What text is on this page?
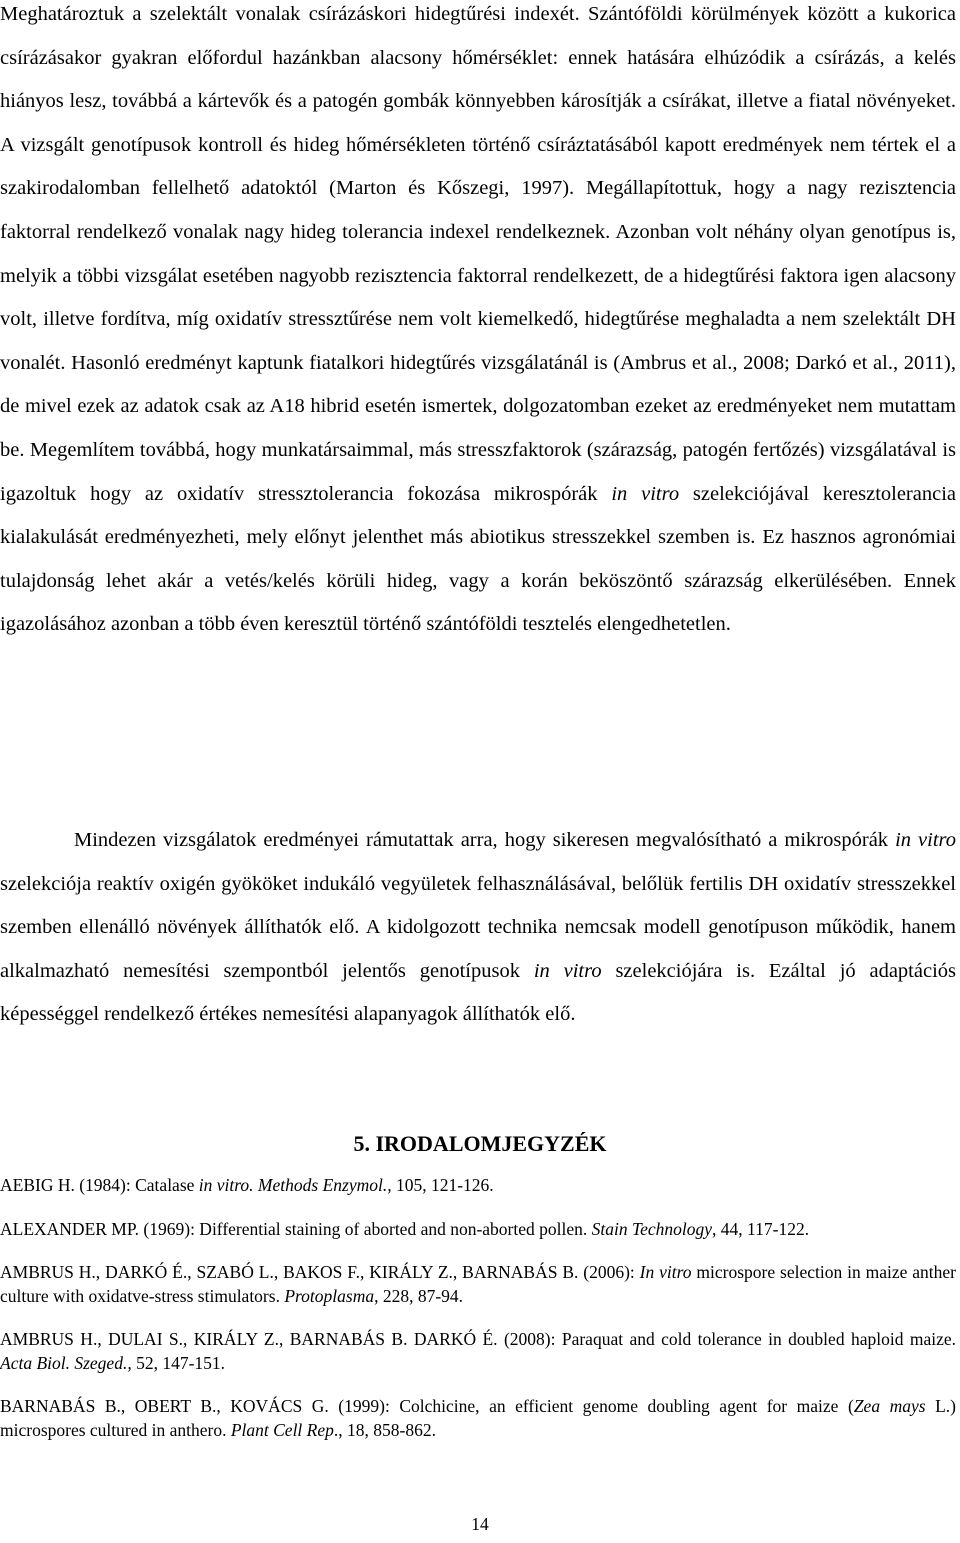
Meghatároztuk a szelektált vonalak csírázáskori hidegtűrési indexét. Szántóföldi körülmények között a kukorica csírázásakor gyakran előfordul hazánkban alacsony hőmérséklet: ennek hatására elhúzódik a csírázás, a kelés hiányos lesz, továbbá a kártevők és a patogén gombák könnyebben károsítják a csírákat, illetve a fiatal növényeket. A vizsgált genotípusok kontroll és hideg hőmérsékleten történő csíráztatásából kapott eredmények nem tértek el a szakirodalomban fellelhető adatoktól (Marton és Kőszegi, 1997). Megállapítottuk, hogy a nagy rezisztencia faktorral rendelkező vonalak nagy hideg tolerancia indexel rendelkeznek. Azonban volt néhány olyan genotípus is, melyik a többi vizsgálat esetében nagyobb rezisztencia faktorral rendelkezett, de a hidegtűrési faktora igen alacsony volt, illetve fordítva, míg oxidatív stressztűrése nem volt kiemelkedő, hidegtűrése meghaladta a nem szelektált DH vonalét. Hasonló eredményt kaptunk fiatalkori hidegtűrés vizsgálatánál is (Ambrus et al., 2008; Darkó et al., 2011), de mivel ezek az adatok csak az A18 hibrid esetén ismertek, dolgozatomban ezeket az eredményeket nem mutattam be. Megemlítem továbbá, hogy munkatársaimmal, más stresszfaktorok (szárazság, patogén fertőzés) vizsgálatával is igazoltuk hogy az oxidatív stressztolerancia fokozása mikrospórák in vitro szelekciójával keresztolerancia kialakulását eredményezheti, mely előnyt jelenthet más abiotikus stresszekkel szemben is. Ez hasznos agronómiai tulajdonság lehet akár a vetés/kelés körüli hideg, vagy a korán beköszöntő szárazság elkerülésében. Ennek igazolásához azonban a több éven keresztül történő szántóföldi tesztelés elengedhetetlen.

Mindezen vizsgálatok eredményei rámutattak arra, hogy sikeresen megvalósítható a mikrospórák in vitro szelekciója reaktív oxigén gyököket indukáló vegyületek felhasználásával, belőlük fertilis DH oxidatív stresszekkel szemben ellenálló növények állíthatók elő. A kidolgozott technika nemcsak modell genotípuson működik, hanem alkalmazható nemesítési szempontból jelentős genotípusok in vitro szelekciójára is. Ezáltal jó adaptációs képességgel rendelkező értékes nemesítési alapanyagok állíthatók elő.

5. IRODALOMJEGYZÉK

AEBIG H. (1984): Catalase in vitro. Methods Enzymol., 105, 121-126.

ALEXANDER MP. (1969): Differential staining of aborted and non-aborted pollen. Stain Technology, 44, 117-122.

AMBRUS H., DARKÓ É., SZABÓ L., BAKOS F., KIRÁLY Z., BARNABÁS B. (2006): In vitro microspore selection in maize anther culture with oxidatve-stress stimulators. Protoplasma, 228, 87-94.

AMBRUS H., DULAI S., KIRÁLY Z., BARNABÁS B. DARKÓ É. (2008): Paraquat and cold tolerance in doubled haploid maize. Acta Biol. Szeged., 52, 147-151.

BARNABÁS B., OBERT B., KOVÁCS G. (1999): Colchicine, an efficient genome doubling agent for maize (Zea mays L.) microspores cultured in anthero. Plant Cell Rep., 18, 858-862.

14
